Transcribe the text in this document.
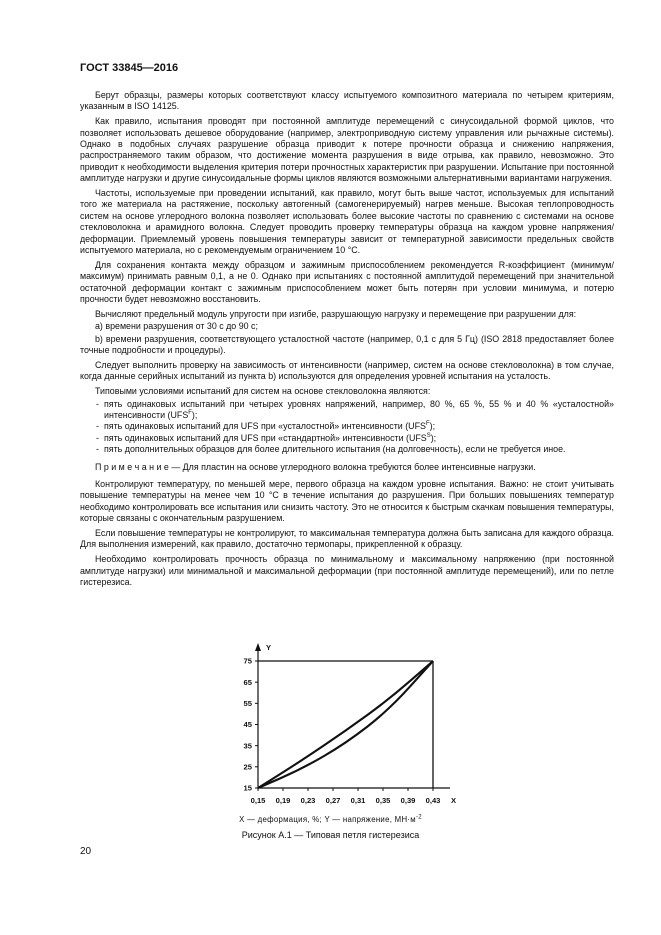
ГОСТ 33845—2016

Берут образцы, размеры которых соответствуют классу испытуемого композитного материала по четырем критериям, указанным в ISO 14125.

Как правило, испытания проводят при постоянной амплитуде перемещений с синусоидальной формой циклов, что позволяет использовать дешевое оборудование (например, электроприводную систему управления или рычажные системы). Однако в подобных случаях разрушение образца приводит к потере прочности образца и снижению напряжения, распространяемого таким образом, что достижение момента разрушения в виде отрыва, как правило, невозможно. Это приводит к необходимости выделения критерия потери прочностных характеристик при разрушении. Испытание при постоянной амплитуде нагрузки и другие синусоидальные формы циклов являются возможными альтернативными вариантами нагружения.

Частоты, используемые при проведении испытаний, как правило, могут быть выше частот, используемых для испытаний того же материала на растяжение, поскольку автогенный (самогенерируемый) нагрев меньше. Высокая теплопроводность систем на основе углеродного волокна позволяет использовать более высокие частоты по сравнению с системами на основе стекловолокна и арамидного волокна. Следует проводить проверку температуры образца на каждом уровне напряжения/деформации. Приемлемый уровень повышения температуры зависит от температурной зависимости предельных свойств испытуемого материала, но с рекомендуемым ограничением 10 °С.

Для сохранения контакта между образцом и зажимным приспособлением рекомендуется R-коэффициент (минимум/максимум) принимать равным 0,1, а не 0. Однако при испытаниях с постоянной амплитудой перемещений при значительной остаточной деформации контакт с зажимным приспособлением может быть потерян при условии минимума, и потерю прочности будет невозможно восстановить.

Вычисляют предельный модуль упругости при изгибе, разрушающую нагрузку и перемещение при разрушении для:

а) времени разрушения от 30 с до 90 с;

b) времени разрушения, соответствующего усталостной частоте (например, 0,1 с для 5 Гц) (ISO 2818 предоставляет более точные подробности и процедуры).

Следует выполнить проверку на зависимость от интенсивности (например, систем на основе стекловолокна) в том случае, когда данные серийных испытаний из пункта b) используются для определения уровней испытания на усталость.

Типовыми условиями испытаний для систем на основе стекловолокна являются:

- пять одинаковых испытаний при четырех уровнях напряжений, например, 80 %, 65 %, 55 % и 40 % «усталостной» интенсивности $(UFS^F)$;
- пять одинаковых испытаний для UFS при «усталостной» интенсивности $(UFS^F)$;
- пять одинаковых испытаний для UFS при «стандартной» интенсивности $(UFS^S)$;
- пять дополнительных образцов для более длительного испытания (на долговечность), если не требуется иное.

П р и м е ч а н и е — Для пластин на основе углеродного волокна требуются более интенсивные нагрузки.

Контролируют температуру, по меньшей мере, первого образца на каждом уровне испытания. Важно: не стоит учитывать повышение температуры на менее чем 10 °С в течение испытания до разрушения. При больших повышениях температур необходимо контролировать все испытания или снизить частоту. Это не относится к быстрым скачкам повышения температуры, которые связаны с окончательным разрушением.

Если повышение температуры не контролируют, то максимальная температура должна быть записана для каждого образца. Для выполнения измерений, как правило, достаточно термопары, прикрепленной к образцу.

Необходимо контролировать прочность образца по минимальному и максимальному напряжению (при постоянной амплитуде нагрузки) или минимальной и максимальной деформации (при постоянной амплитуде перемещений), или по петле гистерезиса.

Y
X
15
25
35
45
55
65
75
0,15 0,19 0,23 0,27 0,31 0,35 0,39 0,43
X — деформация, %; Y — напряжение, $МН\cdot м^{-2}$
Рисунок А.1 — Типовая петля гистерезиса
20
